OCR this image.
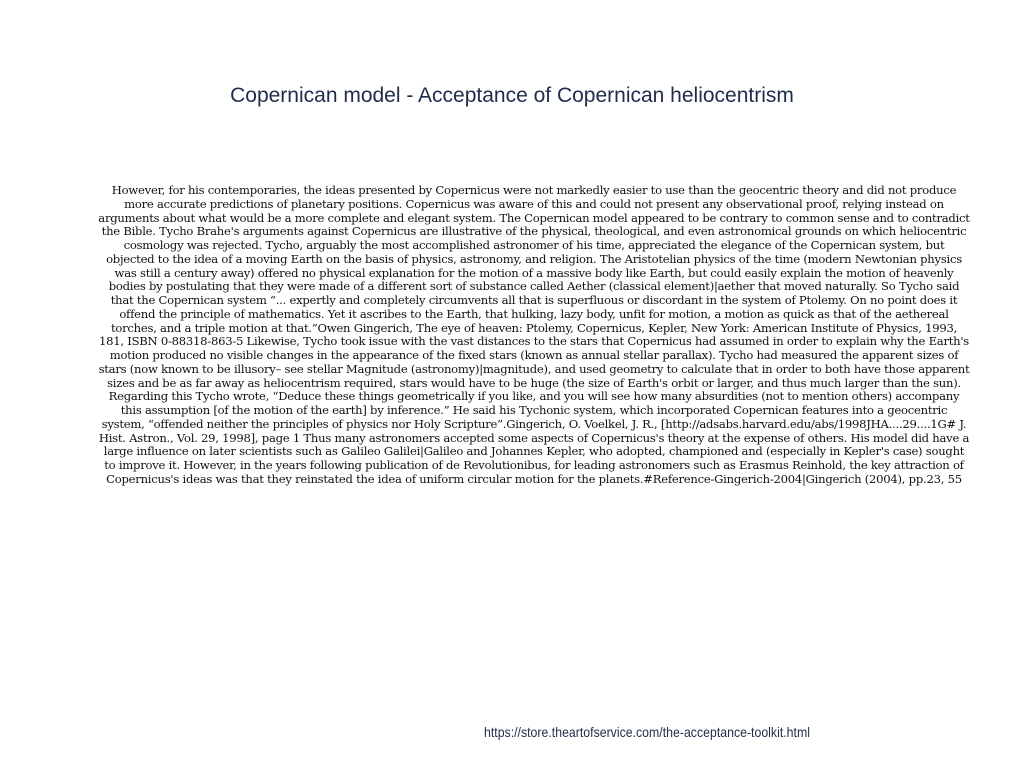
Copernican model - Acceptance of Copernican heliocentrism

However, for his contemporaries, the ideas presented by Copernicus were not markedly easier to use than the geocentric theory and did not produce more accurate predictions of planetary positions. Copernicus was aware of this and could not present any observational proof, relying instead on arguments about what would be a more complete and elegant system. The Copernican model appeared to be contrary to common sense and to contradict the Bible. Tycho Brahe's arguments against Copernicus are illustrative of the physical, theological, and even astronomical grounds on which heliocentric cosmology was rejected. Tycho, arguably the most accomplished astronomer of his time, appreciated the elegance of the Copernican system, but objected to the idea of a moving Earth on the basis of physics, astronomy, and religion. The Aristotelian physics of the time (modern Newtonian physics was still a century away) offered no physical explanation for the motion of a massive body like Earth, but could easily explain the motion of heavenly bodies by postulating that they were made of a different sort of substance called Aether (classical element)|aether that moved naturally. So Tycho said that the Copernican system “... expertly and completely circumvents all that is superfluous or discordant in the system of Ptolemy. On no point does it offend the principle of mathematics. Yet it ascribes to the Earth, that hulking, lazy body, unfit for motion, a motion as quick as that of the aethereal torches, and a triple motion at that.”Owen Gingerich, The eye of heaven: Ptolemy, Copernicus, Kepler, New York: American Institute of Physics, 1993, 181, ISBN 0-88318-863-5 Likewise, Tycho took issue with the vast distances to the stars that Copernicus had assumed in order to explain why the Earth's motion produced no visible changes in the appearance of the fixed stars (known as annual stellar parallax). Tycho had measured the apparent sizes of stars (now known to be illusory– see stellar Magnitude (astronomy)|magnitude), and used geometry to calculate that in order to both have those apparent sizes and be as far away as heliocentrism required, stars would have to be huge (the size of Earth's orbit or larger, and thus much larger than the sun). Regarding this Tycho wrote, “Deduce these things geometrically if you like, and you will see how many absurdities (not to mention others) accompany this assumption [of the motion of the earth] by inference.” He said his Tychonic system, which incorporated Copernican features into a geocentric system, “offended neither the principles of physics nor Holy Scripture”.Gingerich, O. Voelkel, J. R., [http://adsabs.harvard.edu/abs/1998JHA....29....1G# J. Hist. Astron., Vol. 29, 1998], page 1 Thus many astronomers accepted some aspects of Copernicus's theory at the expense of others. His model did have a large influence on later scientists such as Galileo Galilei|Galileo and Johannes Kepler, who adopted, championed and (especially in Kepler's case) sought to improve it. However, in the years following publication of de Revolutionibus, for leading astronomers such as Erasmus Reinhold, the key attraction of Copernicus's ideas was that they reinstated the idea of uniform circular motion for the planets.#Reference-Gingerich-2004|Gingerich (2004), pp.23, 55

https://store.theartofservice.com/the-acceptance-toolkit.html
